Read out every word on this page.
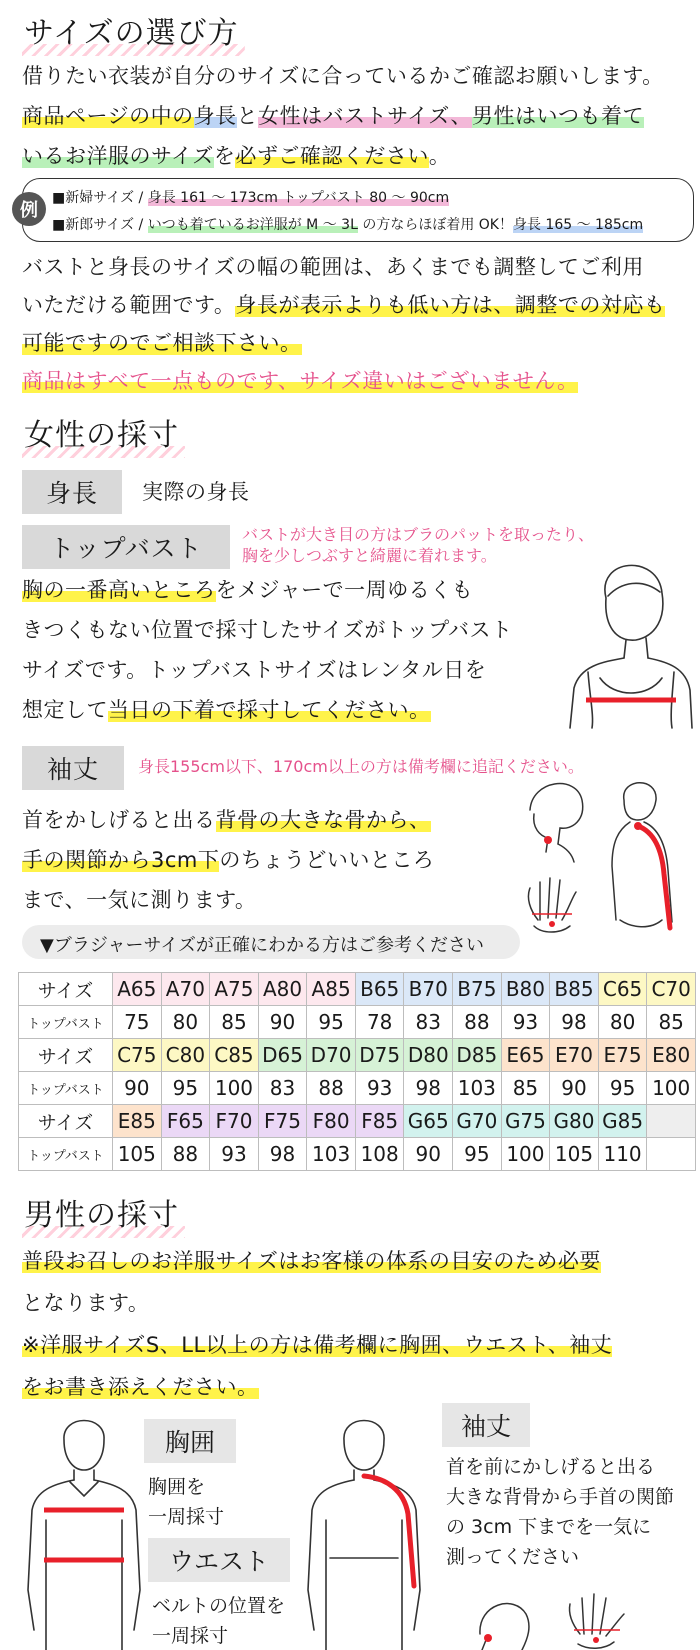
サイズの選び方
借りたい衣装が自分のサイズに合っているかご確認お願いします。
商品ページの中の身長と女性はバストサイズ、男性はいつも着て
いるお洋服のサイズを必ずご確認ください。
例
■新婦サイズ / 身長 161 ～ 173cm トップバスト 80 ～ 90cm
■新郎サイズ / いつも着ているお洋服が M ～ 3L の方ならほぼ着用 OK！身長 165 ～ 185cm
バストと身長のサイズの幅の範囲は、あくまでも調整してご利用
いただける範囲です。身長が表示よりも低い方は、調整での対応も
可能ですのでご相談下さい。
商品はすべて一点ものです、サイズ違いはございません。
女性の採寸
身長	実際の身長
トップバスト	バストが大き目の方はブラのパットを取ったり、
胸を少しつぶすと綺麗に着れます。
胸の一番高いところをメジャーで一周ゆるくも
きつくもない位置で採寸したサイズがトップバスト
サイズです。トップバストサイズはレンタル日を
想定して当日の下着で採寸してください。
袖丈	身長155cm以下、170cm以上の方は備考欄に追記ください。
首をかしげると出る背骨の大きな骨から、
手の関節から3cm下のちょうどいいところ
まで、一気に測ります。
▼ブラジャーサイズが正確にわかる方はご参考ください
サイズ	A65	A70	A75	A80	A85	B65	B70	B75	B80	B85	C65	C70
トップバスト	75	80	85	90	95	78	83	88	93	98	80	85
サイズ	C75	C80	C85	D65	D70	D75	D80	D85	E65	E70	E75	E80
トップバスト	90	95	100	83	88	93	98	103	85	90	95	100
サイズ	E85	F65	F70	F75	F80	F85	G65	G70	G75	G80	G85	
トップバスト	105	88	93	98	103	108	90	95	100	105	110	
男性の採寸
普段お召しのお洋服サイズはお客様の体系の目安のため必要
となります。
※洋服サイズS、LL以上の方は備考欄に胸囲、ウエスト、袖丈
をお書き添えください。
胸囲
胸囲を
一周採寸
ウエスト
ベルトの位置を
一周採寸
袖丈
首を前にかしげると出る
大きな背骨から手首の関節
の 3cm 下までを一気に
測ってください
